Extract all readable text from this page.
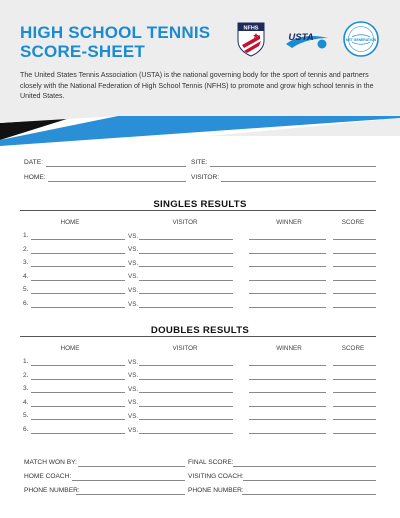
HIGH SCHOOL TENNIS
SCORE-SHEET
NFHS
USTA	NET GENERATION
The United States Tennis Association (USTA) is the national governing body for the sport of tennis and partners closely with the National Federation of High School Tennis (NFHS) to promote and grow high school tennis in the United States.
DATE:	SITE:
HOME:	VISITOR:
SINGLES RESULTS
HOME	VISITOR	WINNER	SCORE
1.	VS.
2.	VS.
3.	VS.
4.	VS.
5.	VS.
6.	VS.
DOUBLES RESULTS
HOME	VISITOR	WINNER	SCORE
1.	VS.
2.	VS.
3.	VS.
4.	VS.
5.	VS.
6.	VS.
MATCH WON BY:	FINAL SCORE:
HOME COACH:	VISITING COACH:
PHONE NUMBER:	PHONE NUMBER:
